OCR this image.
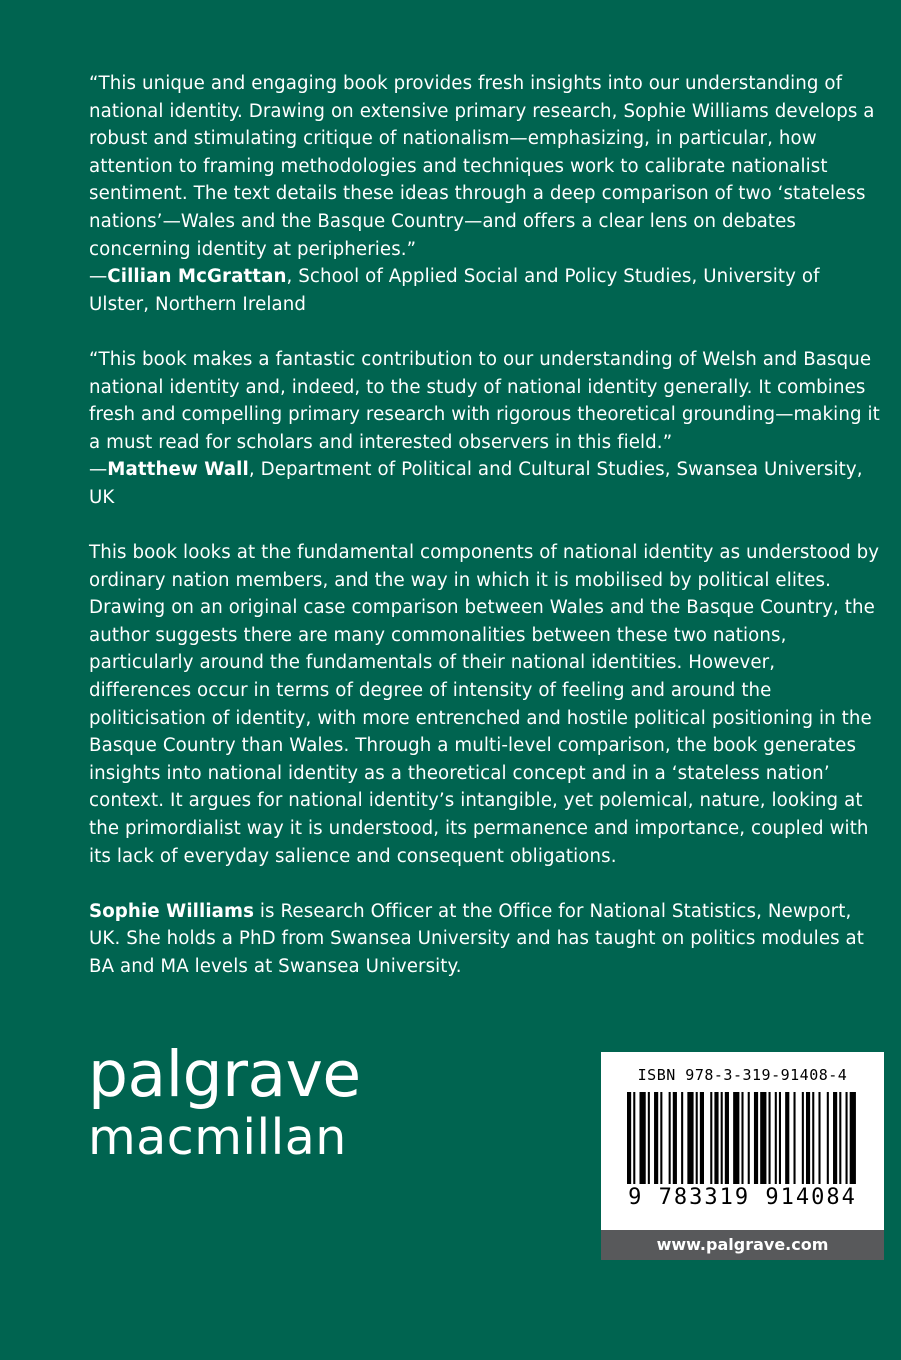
“This unique and engaging book provides fresh insights into our understanding of national identity. Drawing on extensive primary research, Sophie Williams develops a robust and stimulating critique of nationalism—emphasizing, in particular, how attention to framing methodologies and techniques work to calibrate nationalist sentiment. The text details these ideas through a deep comparison of two ‘stateless nations’—Wales and the Basque Country—and offers a clear lens on debates concerning identity at peripheries.”

—Cillian McGrattan, School of Applied Social and Policy Studies, University of Ulster, Northern Ireland

“This book makes a fantastic contribution to our understanding of Welsh and Basque national identity and, indeed, to the study of national identity generally. It combines fresh and compelling primary research with rigorous theoretical grounding—making it a must read for scholars and interested observers in this field.”

—Matthew Wall, Department of Political and Cultural Studies, Swansea University, UK

This book looks at the fundamental components of national identity as understood by ordinary nation members, and the way in which it is mobilised by political elites. Drawing on an original case comparison between Wales and the Basque Country, the author suggests there are many commonalities between these two nations, particularly around the fundamentals of their national identities. However, differences occur in terms of degree of intensity of feeling and around the politicisation of identity, with more entrenched and hostile political positioning in the Basque Country than Wales. Through a multi-level comparison, the book generates insights into national identity as a theoretical concept and in a ‘stateless nation’ context. It argues for national identity’s intangible, yet polemical, nature, looking at the primordialist way it is understood, its permanence and importance, coupled with its lack of everyday salience and consequent obligations.

Sophie Williams is Research Officer at the Office for National Statistics, Newport, UK. She holds a PhD from Swansea University and has taught on politics modules at BA and MA levels at Swansea University.

palgrave
macmillan
ISBN 978-3-319-91408-4
9 783319 914084
www.palgrave.com
